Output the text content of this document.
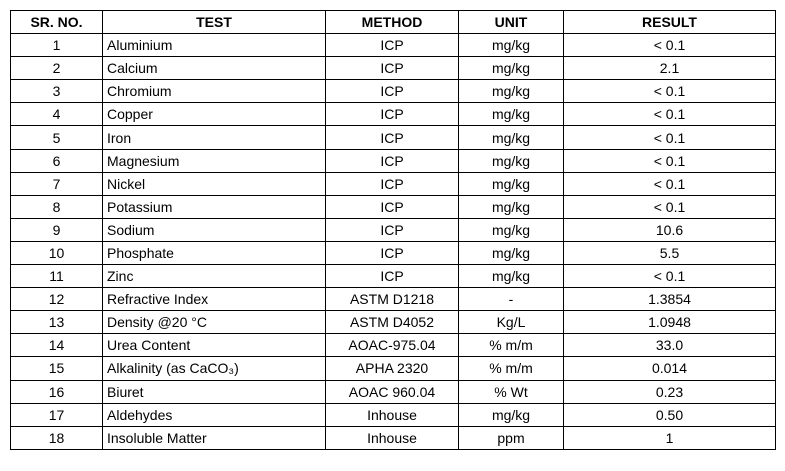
SR. NO.	TEST	METHOD	UNIT	RESULT
1	Aluminium	ICP	mg/kg	< 0.1
2	Calcium	ICP	mg/kg	2.1
3	Chromium	ICP	mg/kg	< 0.1
4	Copper	ICP	mg/kg	< 0.1
5	Iron	ICP	mg/kg	< 0.1
6	Magnesium	ICP	mg/kg	< 0.1
7	Nickel	ICP	mg/kg	< 0.1
8	Potassium	ICP	mg/kg	< 0.1
9	Sodium	ICP	mg/kg	10.6
10	Phosphate	ICP	mg/kg	5.5
11	Zinc	ICP	mg/kg	< 0.1
12	Refractive Index	ASTM D1218	-	1.3854
13	Density @20 °C	ASTM D4052	Kg/L	1.0948
14	Urea Content	AOAC-975.04	% m/m	33.0
15	Alkalinity (as CaCO₃)	APHA 2320	% m/m	0.014
16	Biuret	AOAC 960.04	% Wt	0.23
17	Aldehydes	Inhouse	mg/kg	0.50
18	Insoluble Matter	Inhouse	ppm	1
